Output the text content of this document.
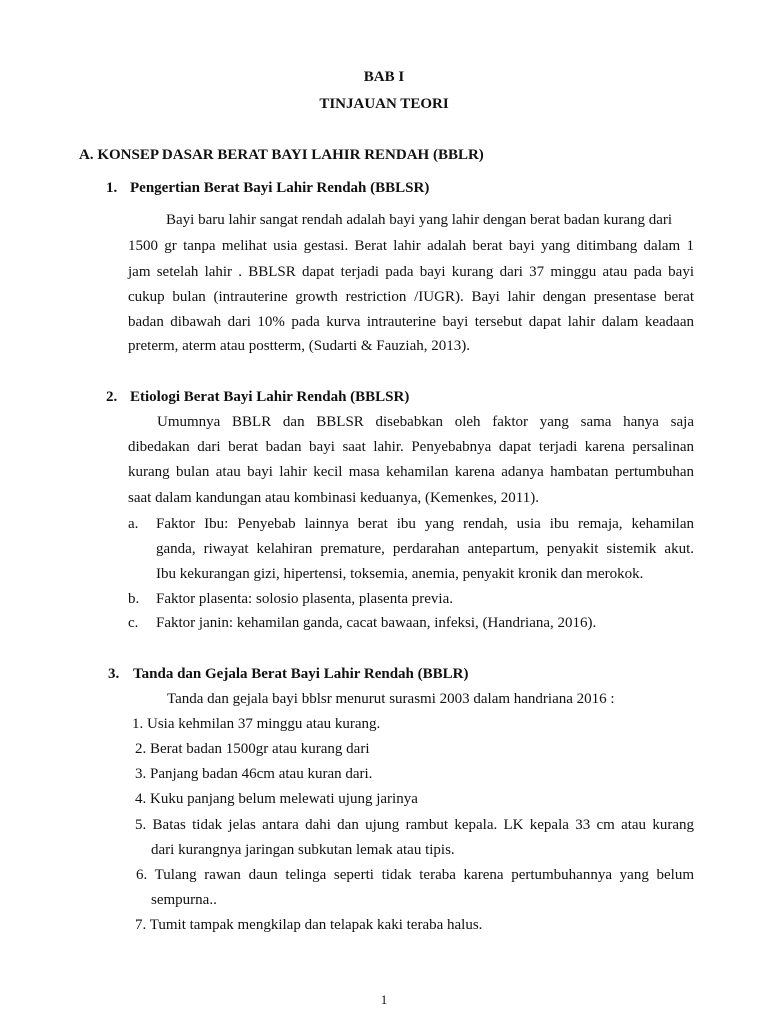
BAB I
TINJAUAN TEORI
A. KONSEP DASAR BERAT BAYI LAHIR RENDAH (BBLR)
1. Pengertian Berat Bayi Lahir Rendah (BBLSR)
Bayi baru lahir sangat rendah adalah bayi yang lahir dengan berat badan kurang dari
1500 gr tanpa melihat usia gestasi. Berat lahir adalah berat bayi yang ditimbang dalam 1
jam setelah lahir . BBLSR dapat terjadi pada bayi kurang dari 37 minggu atau pada bayi
cukup bulan (intrauterine growth restriction /IUGR). Bayi lahir dengan presentase berat
badan dibawah dari 10% pada kurva intrauterine bayi tersebut dapat lahir dalam keadaan
preterm, aterm atau postterm, (Sudarti & Fauziah, 2013).
2. Etiologi Berat Bayi Lahir Rendah (BBLSR)
Umumnya BBLR dan BBLSR disebabkan oleh faktor yang sama hanya saja
dibedakan dari berat badan bayi saat lahir. Penyebabnya dapat terjadi karena persalinan
kurang bulan atau bayi lahir kecil masa kehamilan karena adanya hambatan pertumbuhan
saat dalam kandungan atau kombinasi keduanya, (Kemenkes, 2011).
a. Faktor Ibu: Penyebab lainnya berat ibu yang rendah, usia ibu remaja, kehamilan
ganda, riwayat kelahiran premature, perdarahan antepartum, penyakit sistemik akut.
Ibu kekurangan gizi, hipertensi, toksemia, anemia, penyakit kronik dan merokok.
b. Faktor plasenta: solosio plasenta, plasenta previa.
c. Faktor janin: kehamilan ganda, cacat bawaan, infeksi, (Handriana, 2016).
3. Tanda dan Gejala Berat Bayi Lahir Rendah (BBLR)
Tanda dan gejala bayi bblsr menurut surasmi 2003 dalam handriana 2016 :
1. Usia kehmilan 37 minggu atau kurang.
2. Berat badan 1500gr atau kurang dari
3. Panjang badan 46cm atau kuran dari.
4. Kuku panjang belum melewati ujung jarinya
5. Batas tidak jelas antara dahi dan ujung rambut kepala. LK kepala 33 cm atau kurang
dari kurangnya jaringan subkutan lemak atau tipis.
6. Tulang rawan daun telinga seperti tidak teraba karena pertumbuhannya yang belum
sempurna..
7. Tumit tampak mengkilap dan telapak kaki teraba halus.
1
